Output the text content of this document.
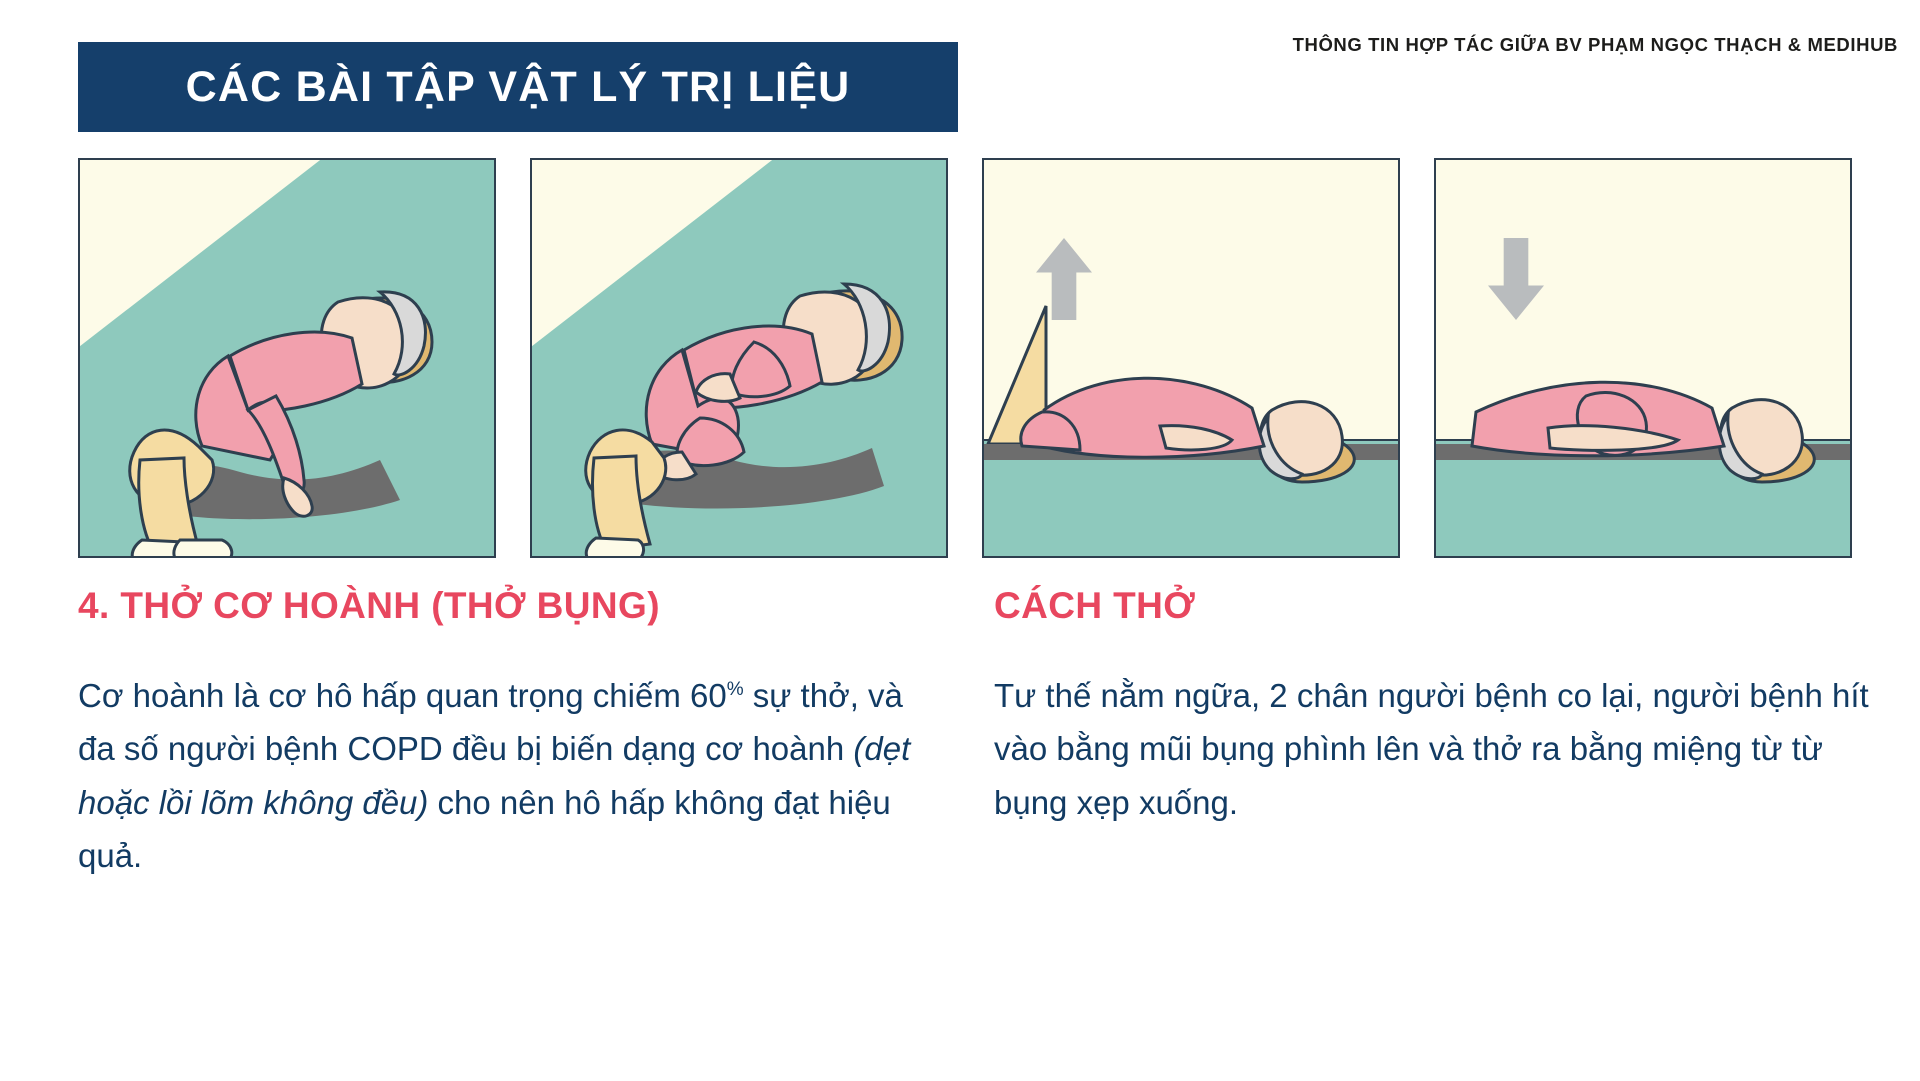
CÁC BÀI TẬP VẬT LÝ TRỊ LIỆU
THÔNG TIN HỢP TÁC GIỮA BV PHẠM NGỌC THẠCH & MEDIHUB
4. THỞ CƠ HOÀNH (THỞ BỤNG)

Cơ hoành là cơ hô hấp quan trọng chiếm 60% sự thở, và đa số người bệnh COPD đều bị biến dạng cơ hoành (dẹt hoặc lồi lõm không đều) cho nên hô hấp không đạt hiệu quả.

CÁCH THỞ

Tư thế nằm ngữa, 2 chân người bệnh co lại, người bệnh hít vào bằng mũi bụng phình lên và thở ra bằng miệng từ từ bụng xẹp xuống.
